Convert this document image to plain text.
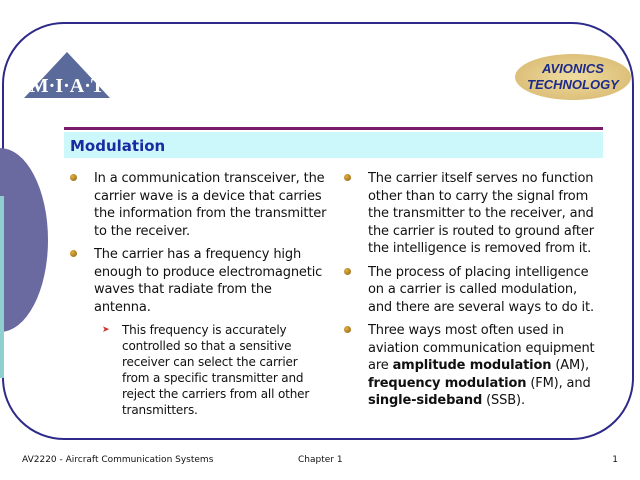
M·I·A·T
AVIONICS
TECHNOLOGY
Modulation
In a communication transceiver, the carrier wave is a device that carries the information from the transmitter to the receiver.
The carrier has a frequency high enough to produce electromagnetic waves that radiate from the antenna.
➤ This frequency is accurately controlled so that a sensitive receiver can select the carrier from a specific transmitter and reject the carriers from all other transmitters.
The carrier itself serves no function other than to carry the signal from the transmitter to the receiver, and the carrier is routed to ground after the intelligence is removed from it.
The process of placing intelligence on a carrier is called modulation, and there are several ways to do it.
Three ways most often used in aviation communication equipment are amplitude modulation (AM), frequency modulation (FM), and single-sideband (SSB).
AV2220 - Aircraft Communication Systems	Chapter 1	1
